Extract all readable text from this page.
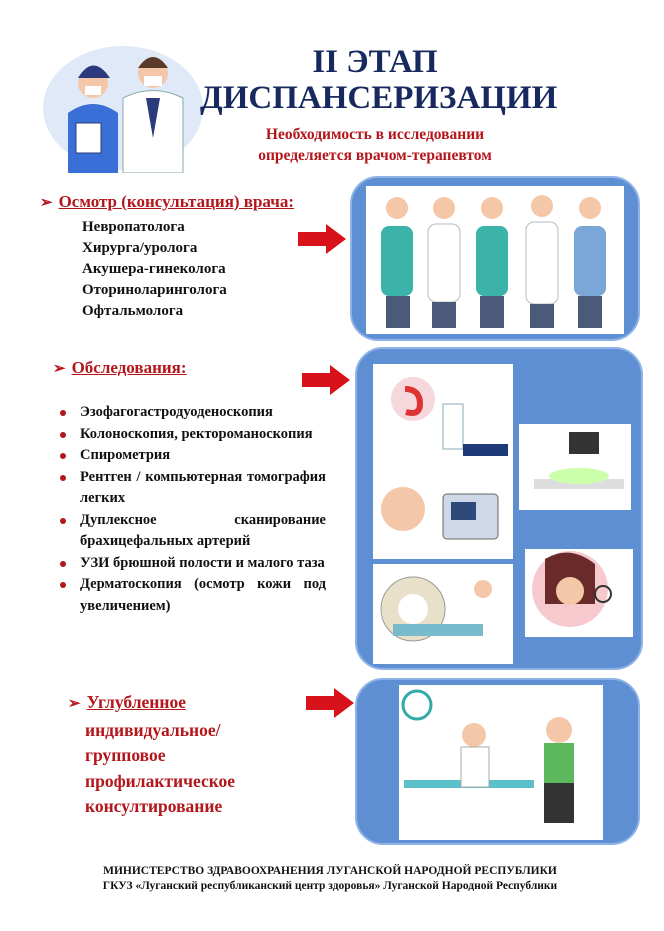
II ЭТАП
ДИСПАНСЕРИЗАЦИИ
Необходимость в исследовании
определяется врачом-терапевтом
➢ Осмотр (консультация) врача:
Невропатолога
Хирурга/уролога
Акушера-гинеколога
Оториноларинголога
Офтальмолога
➢ Обследования:
Эзофагогастродуоденоскопия
Колоноскопия, ректороманоскопия
Спирометрия
Рентген / компьютерная томография легких
Дуплексное сканирование брахицефальных артерий
УЗИ брюшной полости и малого таза
Дерматоскопия (осмотр кожи под увеличением)
➢ Углубленное
индивидуальное/
групповое
профилактическое
консултирование
МИНИСТЕРСТВО ЗДРАВООХРАНЕНИЯ ЛУГАНСКОЙ НАРОДНОЙ РЕСПУБЛИКИ
ГКУЗ «Луганский республиканский центр здоровья» Луганской Народной Республики
